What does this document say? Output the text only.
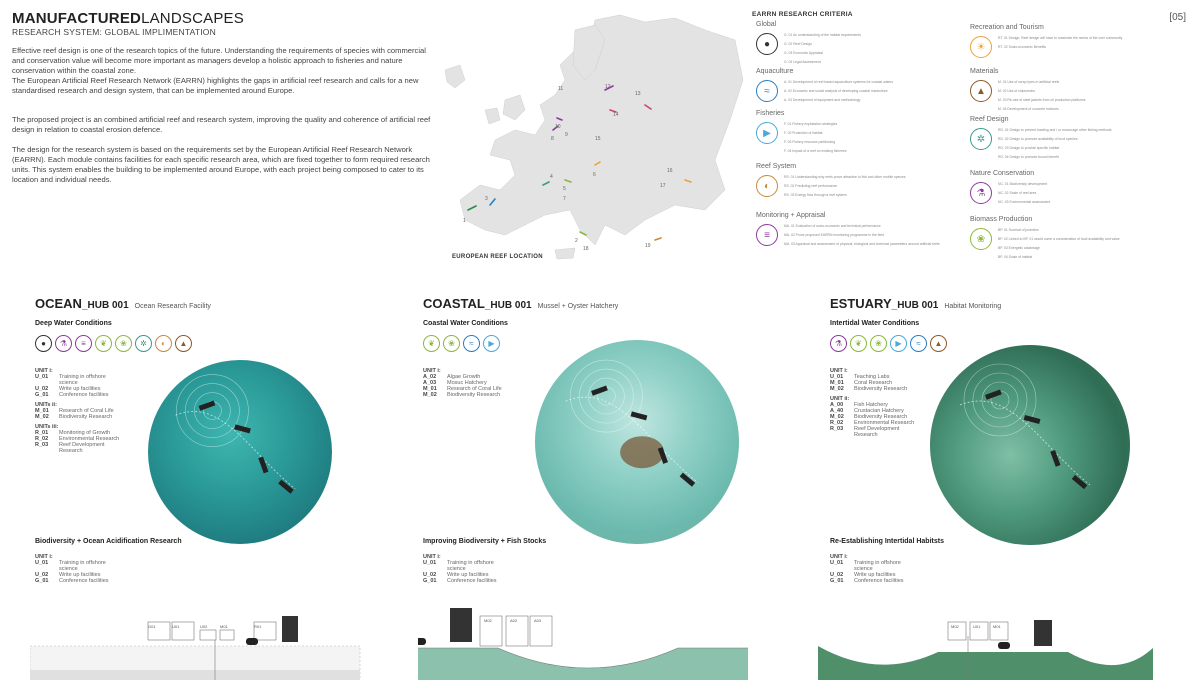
MANUFACTUREDLANDSCAPES
RESEARCH SYSTEM: GLOBAL IMPLIMENTATION
[05]

Effective reef design is one of the research topics of the future. Understanding the requirements of species with commercial and conservation value will become more important as managers develop a holistic approach to fisheries and nature conservation within the coastal zone.

The European Artificial Reef Research Network (EARRN) highlights the gaps in artificial reef research and calls for a new standardised research and design system, that can be implemented around Europe.

The proposed project is an combined artificial reef and research system, improving the quality and coherence of artificial reef design in relation to coastal erosion defence.

The design for the research system is based on the requirements set by the European Artificial Reef Research Network (EARRN). Each module contains facilities for each specific research area, which are fixed together to form required research units. This system enables the building to be implemented around Europe, with each project being composed to cater to its location and individual needs.

1
2
3
4
5
6
7
8
9
10
11	12
13
14
15
16
17
18	19
EUROPEAN REEF LOCATION
EARRN RESEARCH CRITERIA
Global
●
G. 01 An understanding of the habitat requirements
G. 02 Reef Design
G. 03 Economic Appraisal
G. 04 Legal Assessment
Aquaculture
≈
A. 01 Development of reef based aquaculture systems for coastal waters
A. 02 Economic and social analysis of developing coastal mariculture
A. 03 Development of equipment and methodology
Fisheries
▶
F. 01 Fishery exploitation strategies
F. 02 Protection of habitat
F. 03 Fishery resource partitioning
F. 04 Impact of a reef on existing fisheries
Reef System
◐
RS. 01 Understanding why reefs prove attractive to fish and other mobile species
RS. 02 Predicting reef performance
RS. 03 Energy flow through a reef system
Monitoring + Appraisal
≡
MA. 01 Evaluation of socio-economic and technical performance
MA. 02 Prove proposed EARRN monitoring programme in the field
MA. 03 Appraisal and assessment of physical, biological and chemical parameters around artificial reefs
Recreation and Tourism
☀
RT. 01 Design: Reef design will have to maximise the needs of the user community
RT. 02 Socio-economic Benefits
Materials
▲
M. 01 Use of scrap tyres in artificial reefs
M. 02 Use of shipwrecks
M. 03 Re-use of steel jackets from oil production platforms
M. 04 Development of concrete mixtures
Reef Design
✲
RD. 01 Design to prevent trawling and / or encourage other fishing methods
RD. 02 Design to promote availability of food species
RD. 03 Design to provide specific habitat
RD. 04 Design to promote bound benefit
Nature Conservation
⚗
NC. 01 Biodiversity development
NC. 02 Scale of reef area
NC. 03 Environmental assessment
Biomass Production
❀
BP. 01 Survival of juveniles
BP. 02 Linked to BP. 01 would come a consideration of food availability and value
BP. 03 Energetic advantage
BP. 04 Scale of habitat
OCEAN_HUB 001 Ocean Research Facility
Deep Water Conditions
●	⚗	≡	❦	❀	✲	◐	▲
UNIT i:
U_01	Training in offshore science
U_02	Write up facilities
G_01	Conference facilities
UNITs ii:
M_01	Research of Coral Life
M_02	Biodiversity Research
UNITs iii:
R_01	Monitoring of Growth
R_02	Environmental Research
R_03	Reef Development Research
Biodiversity + Ocean Acidification Research
UNIT i:
U_01	Training in offshore science
U_02	Write up facilities
G_01	Conference facilities
G01	U01	U02	M01	R01
COASTAL_HUB 001 Mussel + Oyster Hatchery
Coastal Water Conditions
❦	❀	≈	▶
UNIT i:
A_02	Algae Growth
A_03	Mosuc Hatchery
M_01	Research of Coral Life
M_02	Biodiversity Research
Improving Biodiversity + Fish Stocks
UNIT i:
U_01	Training in offshore science
U_02	Write up facilities
G_01	Conference facilities
M02	A02	A03
ESTUARY_HUB 001 Habitat Monitoring
Intertidal Water Conditions
⚗	❦	❀	▶	≈	▲
UNIT i:
U_01	Teaching Labs
M_01	Coral Research
M_02	Biodiversity Research
UNIT ii:
A_00	Fish Hatchery
A_40	Crustacian Hatchery
M_02	Biodiversity Research
R_02	Environmental Research
R_03	Reef Development Research
Re-Establishing Intertidal Habitsts
UNIT i:
U_01	Training in offshore science
U_02	Write up facilities
G_01	Conference facilities
M02	U01	M01
